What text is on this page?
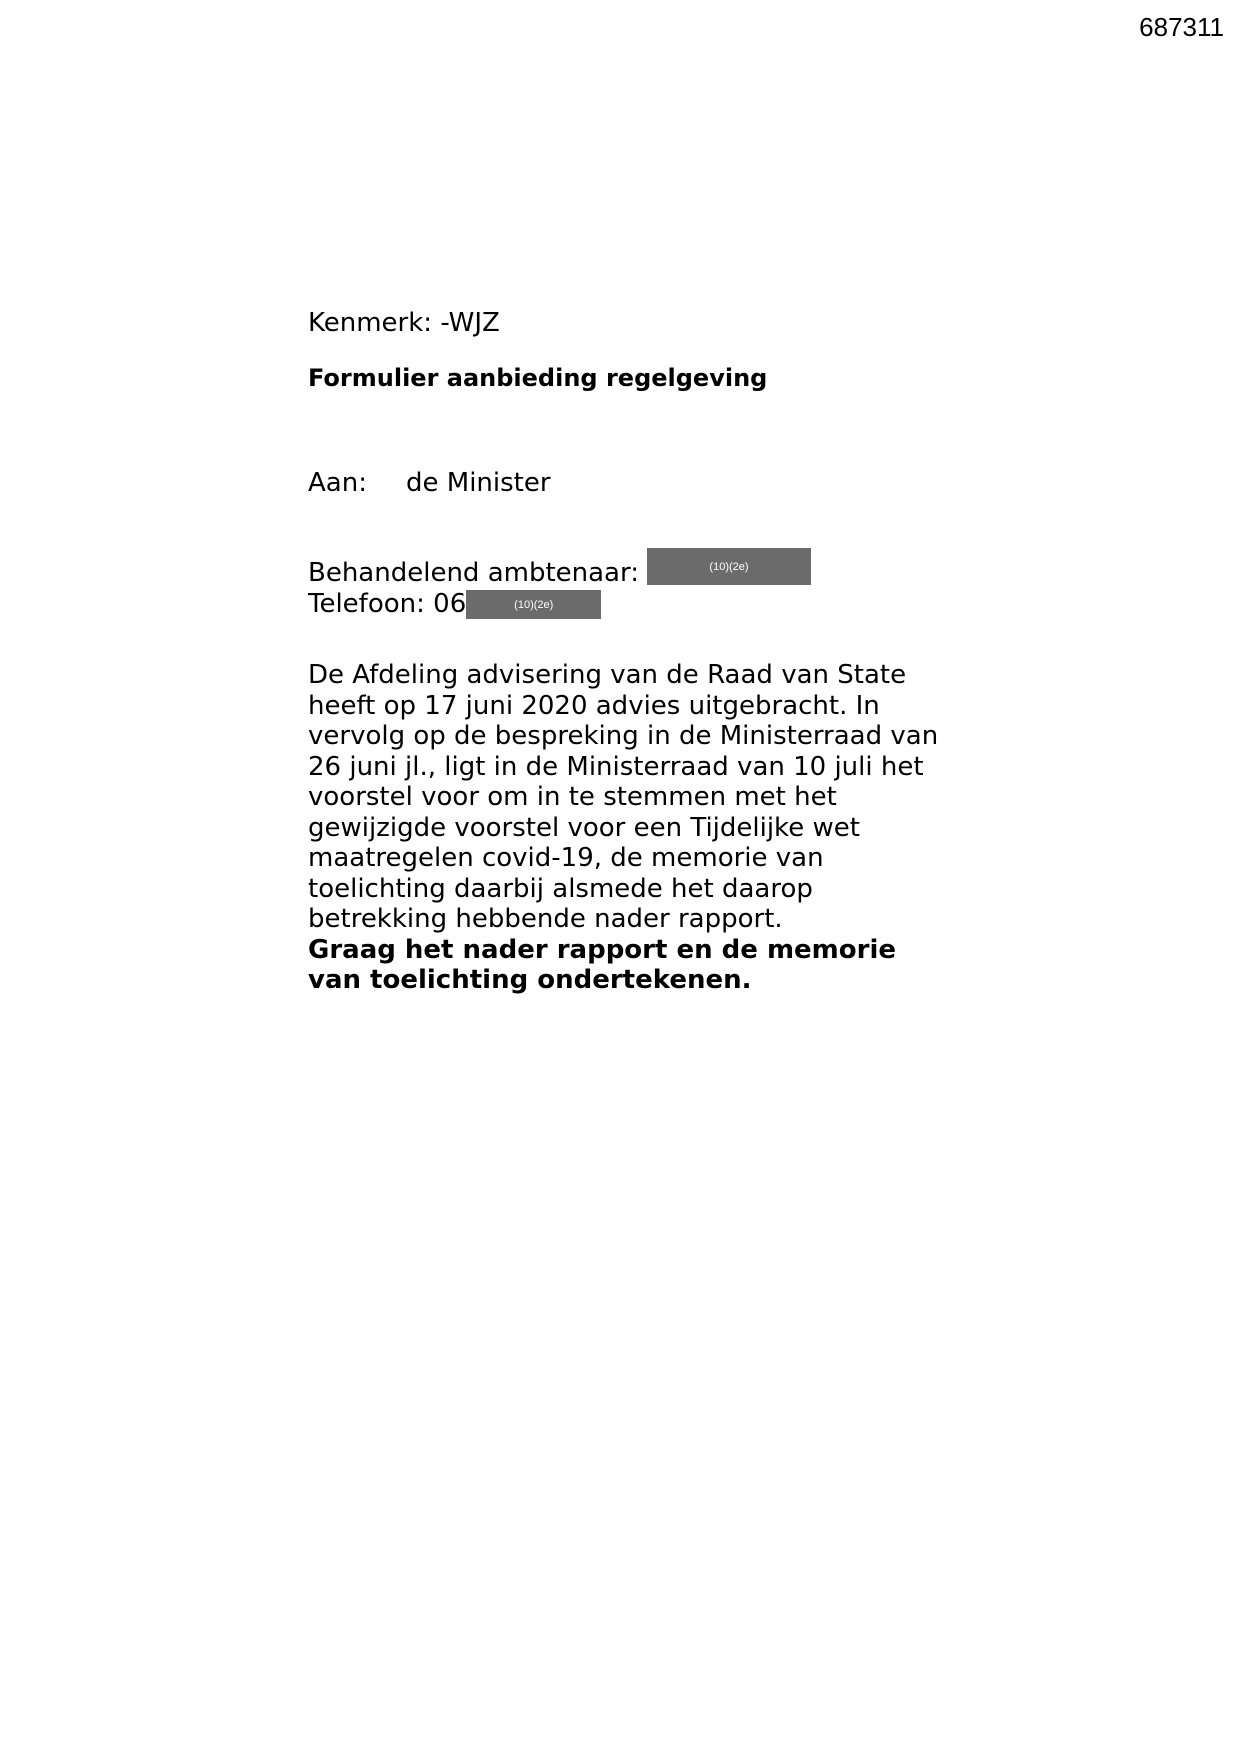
687311

Kenmerk: -WJZ

Formulier aanbieding regelgeving

Aan:	de Minister
Behandelend ambtenaar:	(10)(2e)
Telefoon: 06	(10)(2e)

De Afdeling advisering van de Raad van State heeft op 17 juni 2020 advies uitgebracht. In vervolg op de bespreking in de Ministerraad van 26 juni jl., ligt in de Ministerraad van 10 juli het voorstel voor om in te stemmen met het gewijzigde voorstel voor een Tijdelijke wet maatregelen covid-19, de memorie van toelichting daarbij alsmede het daarop betrekking hebbende nader rapport.

Graag het nader rapport en de memorie van toelichting ondertekenen.
